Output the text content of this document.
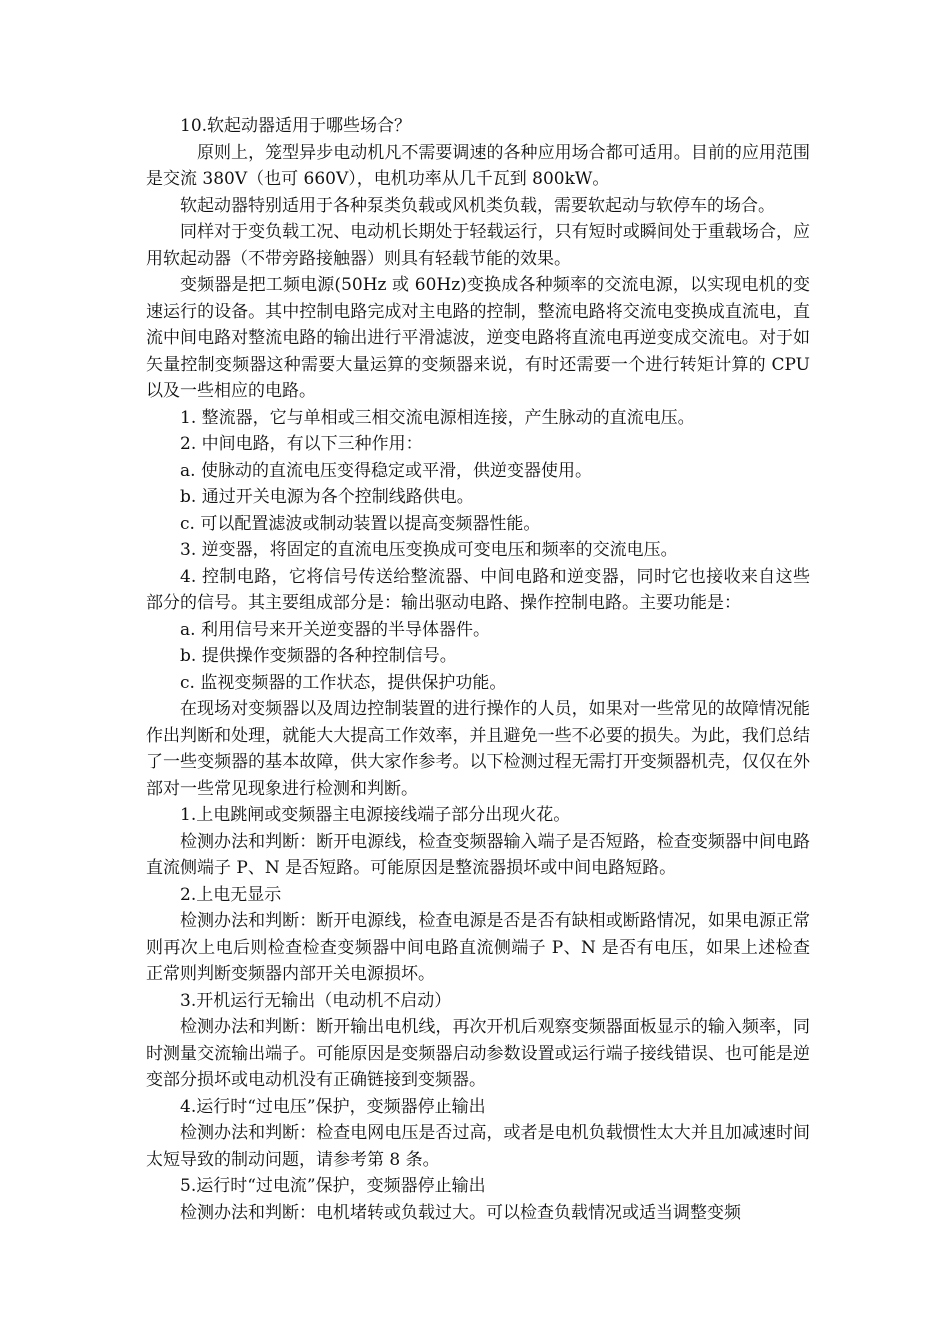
10.软起动器适用于哪些场合？

原则上，笼型异步电动机凡不需要调速的各种应用场合都可适用。目前的应用范围是交流 380V（也可 660V），电机功率从几千瓦到 800kW。

软起动器特别适用于各种泵类负载或风机类负载，需要软起动与软停车的场合。

同样对于变负载工况、电动机长期处于轻载运行，只有短时或瞬间处于重载场合，应用软起动器（不带旁路接触器）则具有轻载节能的效果。

变频器是把工频电源(50Hz 或 60Hz)变换成各种频率的交流电源，以实现电机的变速运行的设备。其中控制电路完成对主电路的控制，整流电路将交流电变换成直流电，直流中间电路对整流电路的输出进行平滑滤波，逆变电路将直流电再逆变成交流电。对于如矢量控制变频器这种需要大量运算的变频器来说，有时还需要一个进行转矩计算的 CPU 以及一些相应的电路。

1. 整流器，它与单相或三相交流电源相连接，产生脉动的直流电压。

2. 中间电路，有以下三种作用：

a. 使脉动的直流电压变得稳定或平滑，供逆变器使用。

b. 通过开关电源为各个控制线路供电。

c. 可以配置滤波或制动装置以提高变频器性能。

3. 逆变器，将固定的直流电压变换成可变电压和频率的交流电压。

4. 控制电路，它将信号传送给整流器、中间电路和逆变器，同时它也接收来自这些部分的信号。其主要组成部分是：输出驱动电路、操作控制电路。主要功能是：

a. 利用信号来开关逆变器的半导体器件。

b. 提供操作变频器的各种控制信号。

c. 监视变频器的工作状态，提供保护功能。

在现场对变频器以及周边控制装置的进行操作的人员，如果对一些常见的故障情况能作出判断和处理，就能大大提高工作效率，并且避免一些不必要的损失。为此，我们总结了一些变频器的基本故障，供大家作参考。以下检测过程无需打开变频器机壳，仅仅在外部对一些常见现象进行检测和判断。

1.上电跳闸或变频器主电源接线端子部分出现火花。

检测办法和判断：断开电源线，检查变频器输入端子是否短路，检查变频器中间电路直流侧端子 P、N 是否短路。可能原因是整流器损坏或中间电路短路。

2.上电无显示

检测办法和判断：断开电源线，检查电源是否是否有缺相或断路情况，如果电源正常则再次上电后则检查检查变频器中间电路直流侧端子 P、N 是否有电压，如果上述检查正常则判断变频器内部开关电源损坏。

3.开机运行无输出（电动机不启动）

检测办法和判断：断开输出电机线，再次开机后观察变频器面板显示的输入频率，同时测量交流输出端子。可能原因是变频器启动参数设置或运行端子接线错误、也可能是逆变部分损坏或电动机没有正确链接到变频器。

4.运行时“过电压”保护，变频器停止输出

检测办法和判断：检查电网电压是否过高，或者是电机负载惯性太大并且加减速时间太短导致的制动问题，请参考第 8 条。

5.运行时“过电流”保护，变频器停止输出

检测办法和判断：电机堵转或负载过大。可以检查负载情况或适当调整变频
